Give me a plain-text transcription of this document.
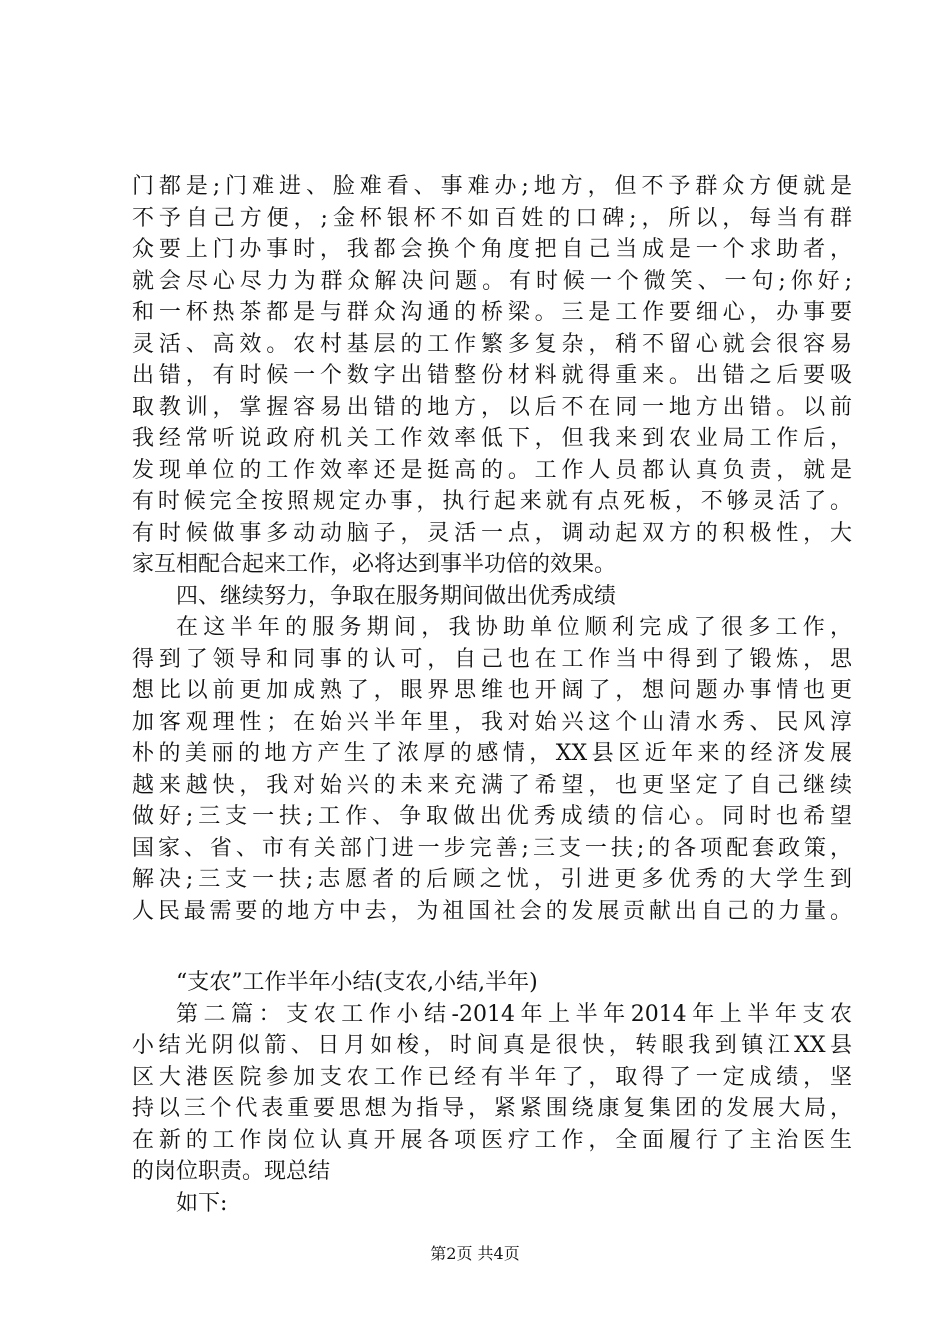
门都是;门难进、脸难看、事难办;地方，但不予群众方便就是
不予自己方便，;金杯银杯不如百姓的口碑;，所以，每当有群
众要上门办事时，我都会换个角度把自己当成是一个求助者，
就会尽心尽力为群众解决问题。有时候一个微笑、一句;你好;
和一杯热茶都是与群众沟通的桥梁。三是工作要细心，办事要
灵活、高效。农村基层的工作繁多复杂，稍不留心就会很容易
出错，有时候一个数字出错整份材料就得重来。出错之后要吸
取教训，掌握容易出错的地方，以后不在同一地方出错。以前
我经常听说政府机关工作效率低下，但我来到农业局工作后，
发现单位的工作效率还是挺高的。工作人员都认真负责，就是
有时候完全按照规定办事，执行起来就有点死板，不够灵活了。
有时候做事多动动脑子，灵活一点，调动起双方的积极性，大
家互相配合起来工作，必将达到事半功倍的效果。
四、继续努力，争取在服务期间做出优秀成绩
在这半年的服务期间，我协助单位顺利完成了很多工作，
得到了领导和同事的认可，自己也在工作当中得到了锻炼，思
想比以前更加成熟了，眼界思维也开阔了，想问题办事情也更
加客观理性；在始兴半年里，我对始兴这个山清水秀、民风淳
朴的美丽的地方产生了浓厚的感情，XX县区近年来的经济发展
越来越快，我对始兴的未来充满了希望，也更坚定了自己继续
做好;三支一扶;工作、争取做出优秀成绩的信心。同时也希望
国家、省、市有关部门进一步完善;三支一扶;的各项配套政策，
解决;三支一扶;志愿者的后顾之忧，引进更多优秀的大学生到
人民最需要的地方中去，为祖国社会的发展贡献出自己的力量。
“支农”工作半年小结(支农,小结,半年)
第二篇：支农工作小结-2014年上半年2014年上半年支农
小结光阴似箭、日月如梭，时间真是很快，转眼我到镇江XX县
区大港医院参加支农工作已经有半年了，取得了一定成绩，坚
持以三个代表重要思想为指导，紧紧围绕康复集团的发展大局，
在新的工作岗位认真开展各项医疗工作，全面履行了主治医生
的岗位职责。现总结
如下:
第2页 共4页
